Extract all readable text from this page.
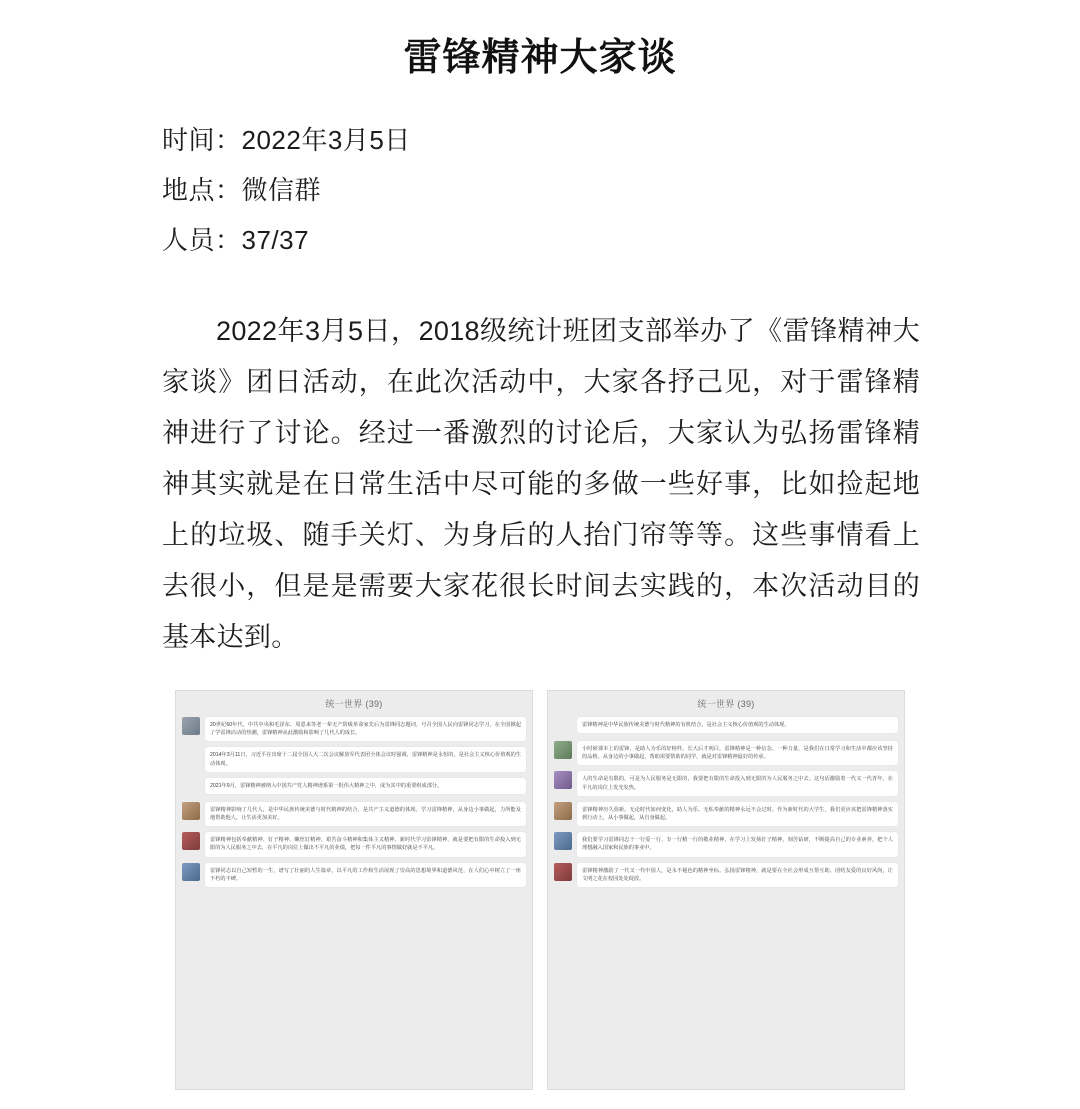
雷锋精神大家谈
时间：2022年3月5日
地点：微信群
人员：37/37

2022年3月5日，2018级统计班团支部举办了《雷锋精神大家谈》团日活动，在此次活动中，大家各抒己见，对于雷锋精神进行了讨论。经过一番激烈的讨论后，大家认为弘扬雷锋精神其实就是在日常生活中尽可能的多做一些好事，比如捡起地上的垃圾、随手关灯、为身后的人抬门帘等等。这些事情看上去很小，但是是需要大家花很长时间去实践的，本次活动目的基本达到。

统一世界 (39)
20世纪60年代，中共中央和毛泽东、周恩来等老一辈无产阶级革命家先后为雷锋同志题词，号召全国人民向雷锋同志学习，在全国掀起了学雷锋活动的热潮，雷锋精神从此激励和影响了几代人的成长。
2014年3月11日，习近平在出席十二届全国人大二次会议解放军代表团全体会议时强调，雷锋精神是永恒的，是社会主义核心价值观的生动体现。
2021年9月，雷锋精神被纳入中国共产党人精神谱系第一批伟大精神之中，成为其中的重要组成部分。
雷锋精神影响了几代人，是中华民族传统美德与时代精神的结合，是共产主义道德的体现。学习雷锋精神，从身边小事做起，力所能及地帮助他人，让生活更加美好。
雷锋精神包括奉献精神、钉子精神、螺丝钉精神、艰苦奋斗精神和集体主义精神。新时代学习雷锋精神，就是要把有限的生命投入到无限的为人民服务之中去，在平凡的岗位上做出不平凡的业绩，把每一件平凡的事情做好就是不平凡。
雷锋同志以自己短暂的一生，谱写了壮丽的人生篇章，以平凡的工作和生活展现了崇高的思想境界和道德风范，在人们心中树立了一座不朽的丰碑。
统一世界 (39)
雷锋精神是中华民族传统美德与时代精神的有机结合，是社会主义核心价值观的生动体现。
小时候课本上的雷锋，是助人为乐的好榜样。长大后才明白，雷锋精神是一种信念、一种力量，是我们在日常学习和生活中都应该坚持的品格。从身边的小事做起，帮助需要帮助的同学，就是对雷锋精神最好的传承。
人的生命是有限的，可是为人民服务是无限的，我要把有限的生命投入到无限的为人民服务之中去。这句话激励着一代又一代青年，在平凡的岗位上发光发热。
雷锋精神历久弥新。无论时代如何变化，助人为乐、无私奉献的精神永远不会过时。作为新时代的大学生，我们更应该把雷锋精神落实到行动上，从小事做起，从自身做起。
我们要学习雷锋同志干一行爱一行、专一行精一行的敬业精神，在学习上发扬钉子精神，刻苦钻研，不断提高自己的专业素养，把个人理想融入国家和民族的事业中。
雷锋精神激励了一代又一代中国人，是永不褪色的精神坐标。弘扬雷锋精神，就是要在全社会形成互帮互助、团结友爱的良好风尚，让文明之花在校园处处绽放。
